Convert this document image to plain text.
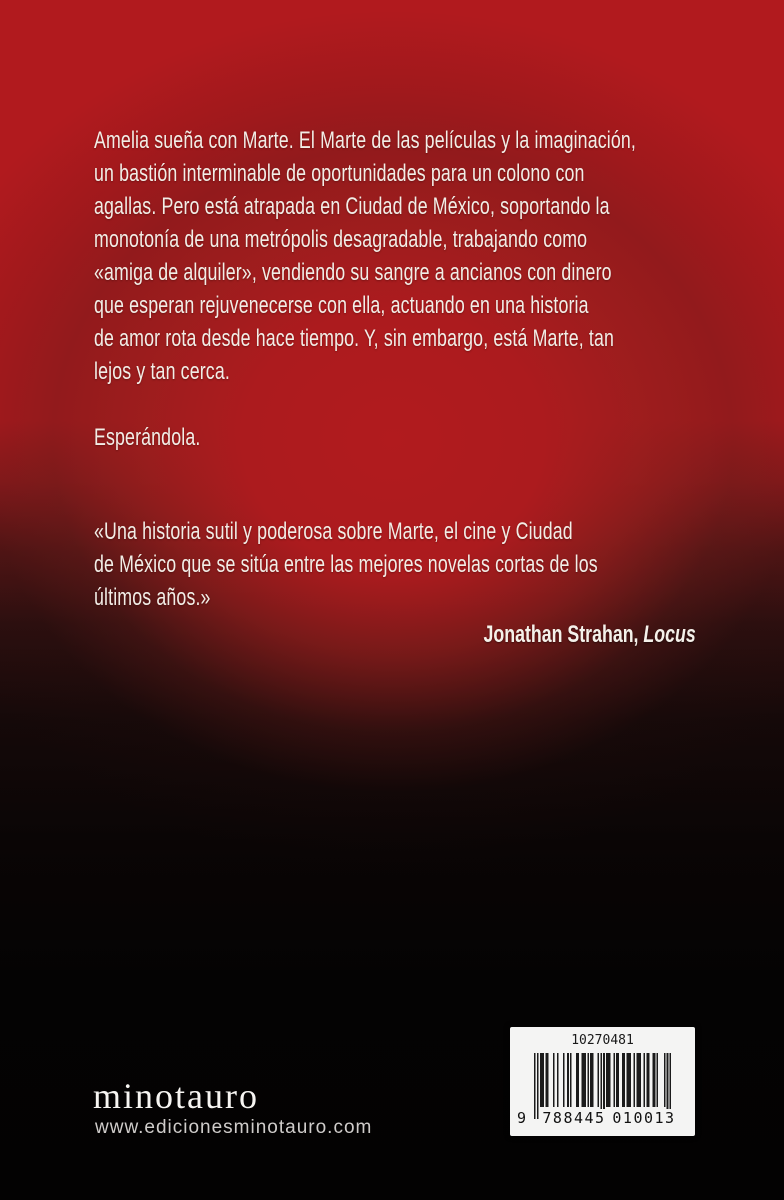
Amelia sueña con Marte. El Marte de las películas y la imaginación,
un bastión interminable de oportunidades para un colono con
agallas. Pero está atrapada en Ciudad de México, soportando la
monotonía de una metrópolis desagradable, trabajando como
«amiga de alquiler», vendiendo su sangre a ancianos con dinero
que esperan rejuvenecerse con ella, actuando en una historia
de amor rota desde hace tiempo. Y, sin embargo, está Marte, tan
lejos y tan cerca.
Esperándola.
«Una historia sutil y poderosa sobre Marte, el cine y Ciudad
de México que se sitúa entre las mejores novelas cortas de los
últimos años.»
Jonathan Strahan, Locus
minotauro
www.edicionesminotauro.com
10270481
9 788445 010013
